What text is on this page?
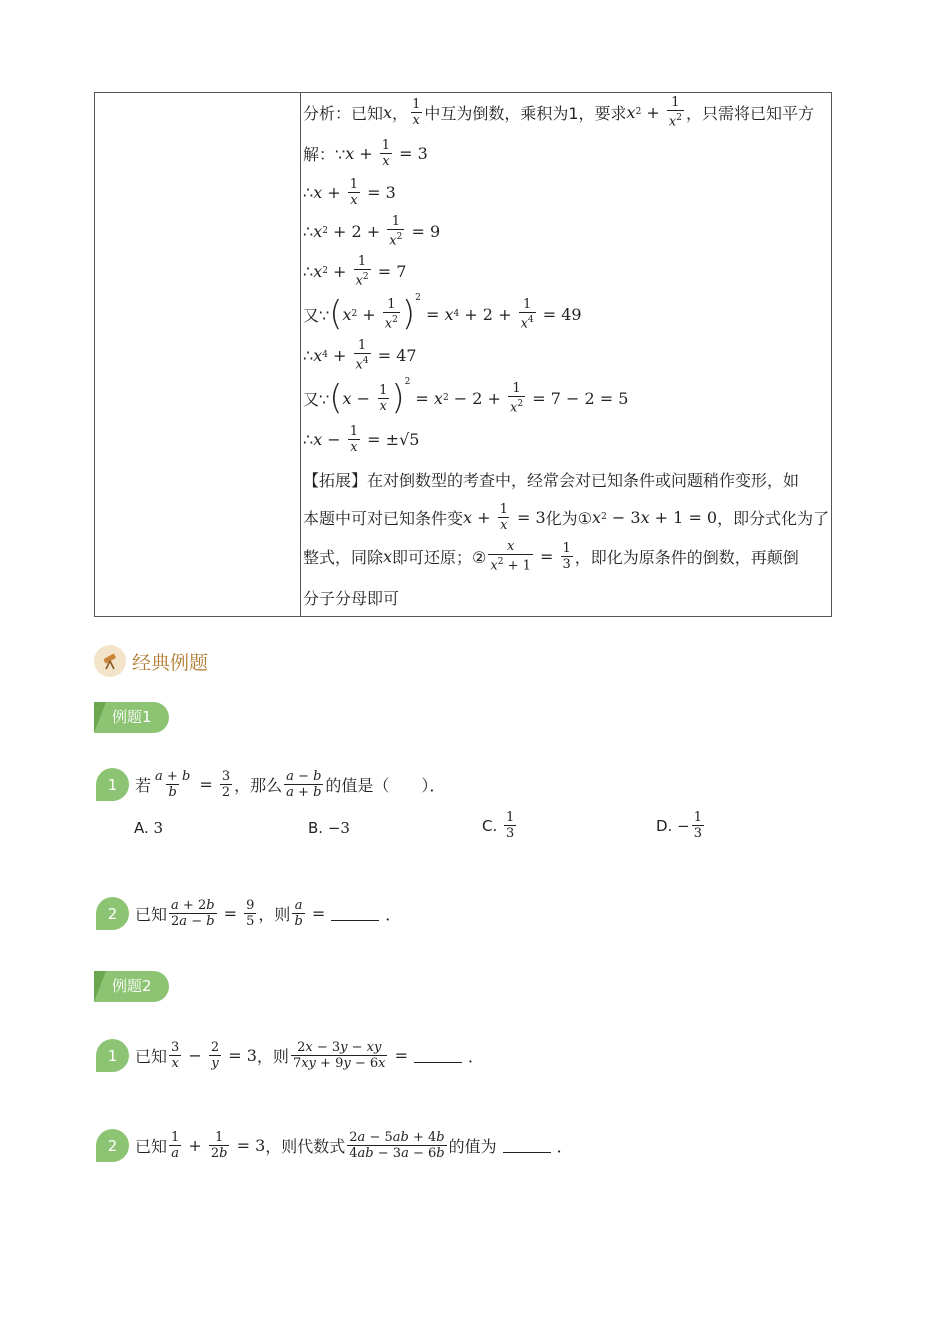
分析：已知 x ， $\frac{1}{x}$ 中互为倒数，乘积为1，要求 x $2 + \frac{1}{x^2}$ ，只需将已知平方
解：∵ $x + \frac{1}{x} = 3$
∴ $x + \frac{1}{x} = 3$
∴ x $2 + 2 + \frac{1}{x^2} = 9$
∴ x $2 + \frac{1}{x^2} = 7$
又∵ ( x $2 + \frac{1}{x^2} )^2$
= x $4 + 2 + \frac{1}{x^4} = 49$
∴ x $4 + \frac{1}{x^4} = 47$
又∵ ( $x - \frac{1}{x} )^2$
= x $2 - 2 + \frac{1}{x^2} = 7 - 2 = 5$
∴ $x - \frac{1}{x} = \pm√5$
【拓展】 在对倒数型的考查中，经常会对已知条件或问题稍作变形，如
本题中可对已知条件变 $x + \frac{1}{x} = 3$ 化为① x 2 − 3 x + 1 = 0 ，即分式化为了
整式，同除 x 即可还原；② $\frac{x}{x^2 + 1} = \frac{1}{3}$ ，即化为原条件的倒数，再颠倒
分子分母即可
经典例题
例题1
1	若 $\frac{a + b}{b} = \frac{3}{2}$ ，那么 $\frac{a - b}{a + b}$ 的值是（　　）．
A.
3	B.
−3	C.
$\frac{1}{3}$	D.
− $\frac{1}{3}$
2	已知 $\frac{a + 2b}{2a - b} = \frac{9}{5}$ ，则 $\frac{a}{b}$ =	．
例题2
1	已知 $\frac{3}{x} - \frac{2}{y} = 3$ ，则 $\frac{2x - 3y - xy}{7xy + 9y - 6x}$ =	．
2	已知 $\frac{1}{a} + \frac{1}{2b} = 3$ ，则代数式 $\frac{2a - 5ab + 4b}{4ab - 3a - 6b}$ 的值为	．
